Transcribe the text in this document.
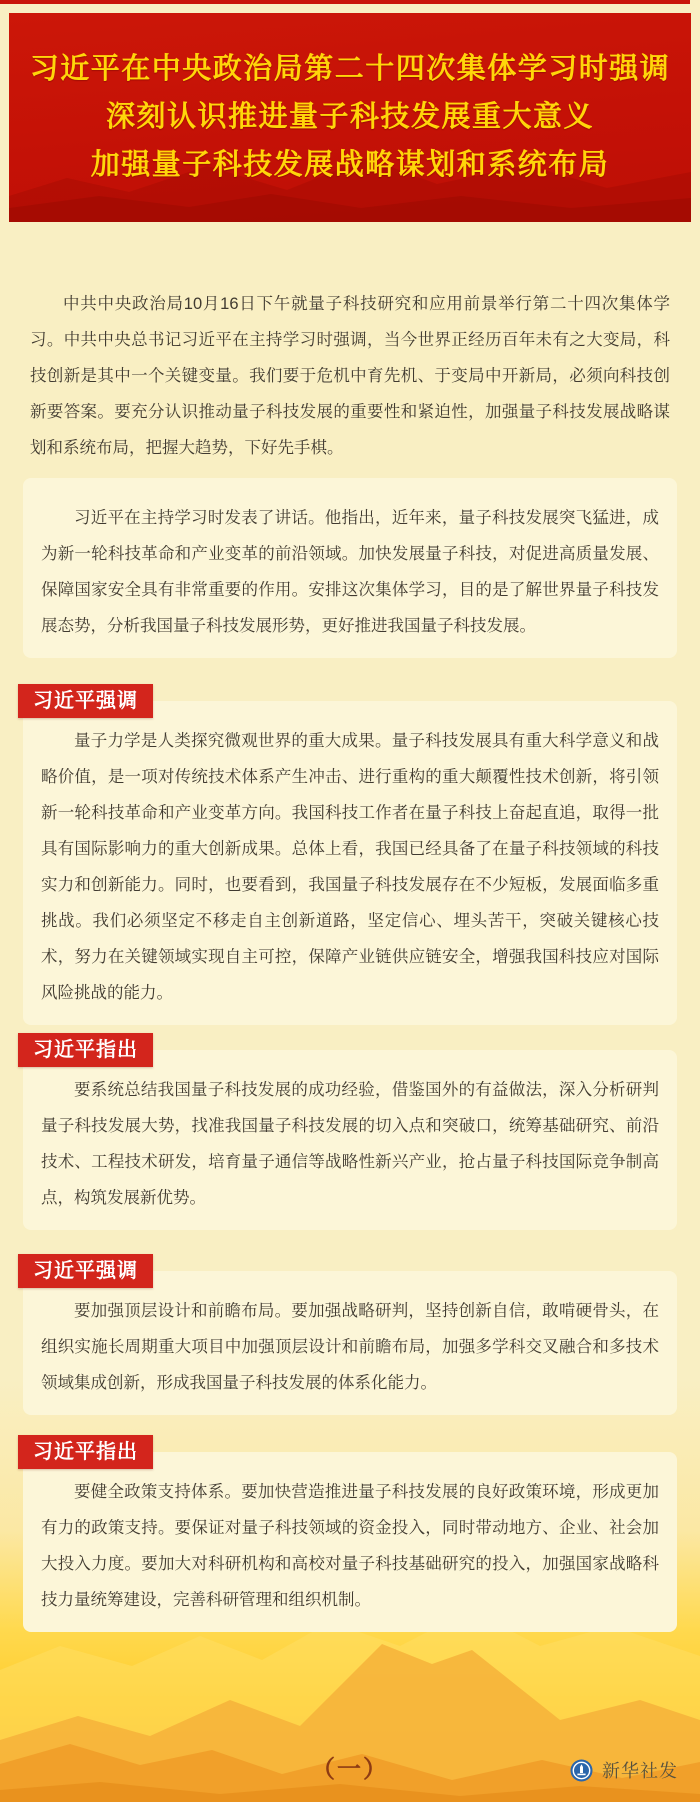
习近平在中央政治局第二十四次集体学习时强调
深刻认识推进量子科技发展重大意义
加强量子科技发展战略谋划和系统布局

中共中央政治局10月16日下午就量子科技研究和应用前景举行第二十四次集体学习。中共中央总书记习近平在主持学习时强调，当今世界正经历百年未有之大变局，科技创新是其中一个关键变量。我们要于危机中育先机、于变局中开新局，必须向科技创新要答案。要充分认识推动量子科技发展的重要性和紧迫性，加强量子科技发展战略谋划和系统布局，把握大趋势，下好先手棋。

习近平在主持学习时发表了讲话。他指出，近年来，量子科技发展突飞猛进，成为新一轮科技革命和产业变革的前沿领域。加快发展量子科技，对促进高质量发展、保障国家安全具有非常重要的作用。安排这次集体学习，目的是了解世界量子科技发展态势，分析我国量子科技发展形势，更好推进我国量子科技发展。

习近平强调

量子力学是人类探究微观世界的重大成果。量子科技发展具有重大科学意义和战略价值，是一项对传统技术体系产生冲击、进行重构的重大颠覆性技术创新，将引领新一轮科技革命和产业变革方向。我国科技工作者在量子科技上奋起直追，取得一批具有国际影响力的重大创新成果。总体上看，我国已经具备了在量子科技领域的科技实力和创新能力。同时，也要看到，我国量子科技发展存在不少短板，发展面临多重挑战。我们必须坚定不移走自主创新道路，坚定信心、埋头苦干，突破关键核心技术，努力在关键领域实现自主可控，保障产业链供应链安全，增强我国科技应对国际风险挑战的能力。

习近平指出

要系统总结我国量子科技发展的成功经验，借鉴国外的有益做法，深入分析研判量子科技发展大势，找准我国量子科技发展的切入点和突破口，统筹基础研究、前沿技术、工程技术研发，培育量子通信等战略性新兴产业，抢占量子科技国际竞争制高点，构筑发展新优势。

习近平强调

要加强顶层设计和前瞻布局。要加强战略研判，坚持创新自信，敢啃硬骨头，在组织实施长周期重大项目中加强顶层设计和前瞻布局，加强多学科交叉融合和多技术领域集成创新，形成我国量子科技发展的体系化能力。

习近平指出

要健全政策支持体系。要加快营造推进量子科技发展的良好政策环境，形成更加有力的政策支持。要保证对量子科技领域的资金投入，同时带动地方、企业、社会加大投入力度。要加大对科研机构和高校对量子科技基础研究的投入，加强国家战略科技力量统筹建设，完善科研管理和组织机制。

（一）	新华社发
